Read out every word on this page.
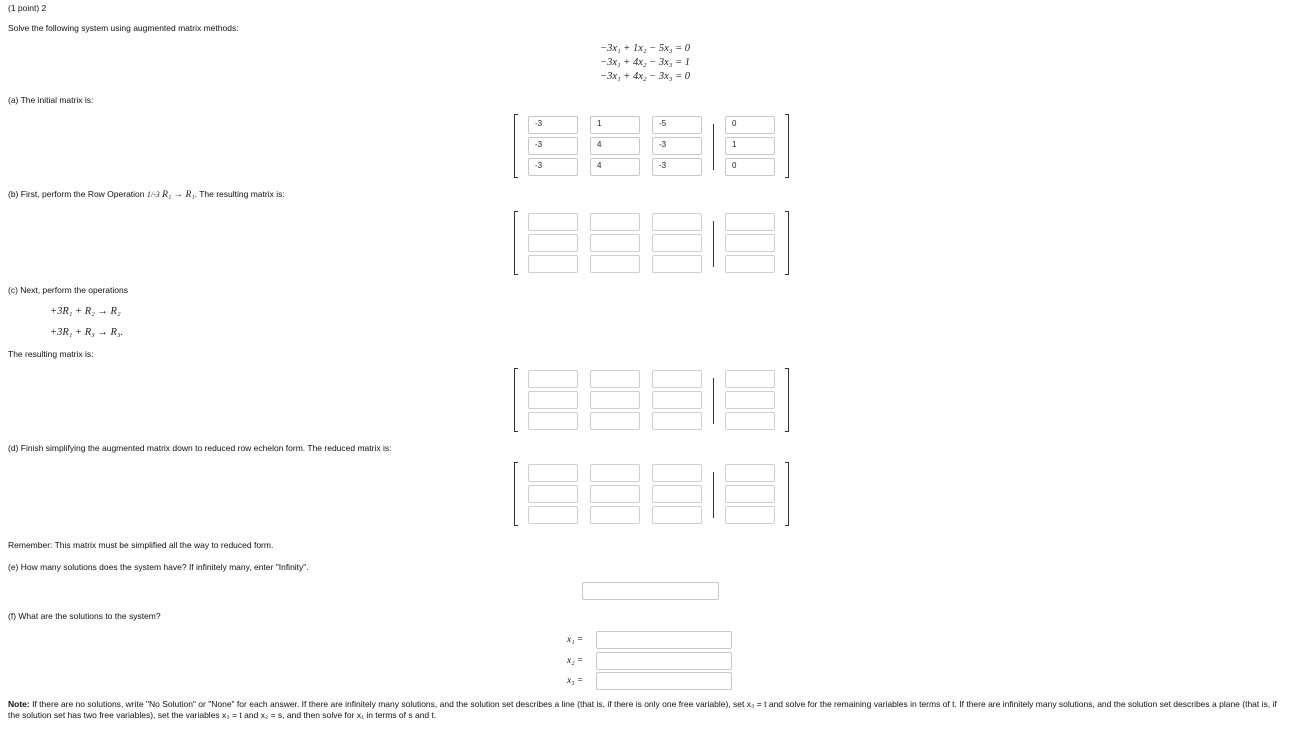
(1 point) 2
Solve the following system using augmented matrix methods:
−3x₁ + 1x₂ − 5x₃ = 0
−3x₁ + 4x₂ − 3x₃ = 1
−3x₁ + 4x₂ − 3x₃ = 0
(a) The initial matrix is:
-3	1	-5	0
-3	4	-3	1
-3	4	-3	0
(b) First, perform the Row Operation 1/-3 R₁ → R₁. The resulting matrix is:
(c) Next, perform the operations
+3R₁ + R₂ → R₂
+3R₁ + R₃ → R₃.
The resulting matrix is:
(d) Finish simplifying the augmented matrix down to reduced row echelon form. The reduced matrix is:
Remember: This matrix must be simplified all the way to reduced form.
(e) How many solutions does the system have? If infinitely many, enter "Infinity".
(f) What are the solutions to the system?
x₁ =
x₂ =
x₃ =
Note: If there are no solutions, write "No Solution" or "None" for each answer. If there are infinitely many solutions, and the solution set describes a line (that is, if there is only one free variable), set x₃ = t and solve for the remaining variables in terms of t. If there are infinitely many solutions, and the solution set describes a plane (that is, if the solution set has two free variables), set the variables x₃ = t and x₂ = s, and then solve for x₁ in terms of s and t.
